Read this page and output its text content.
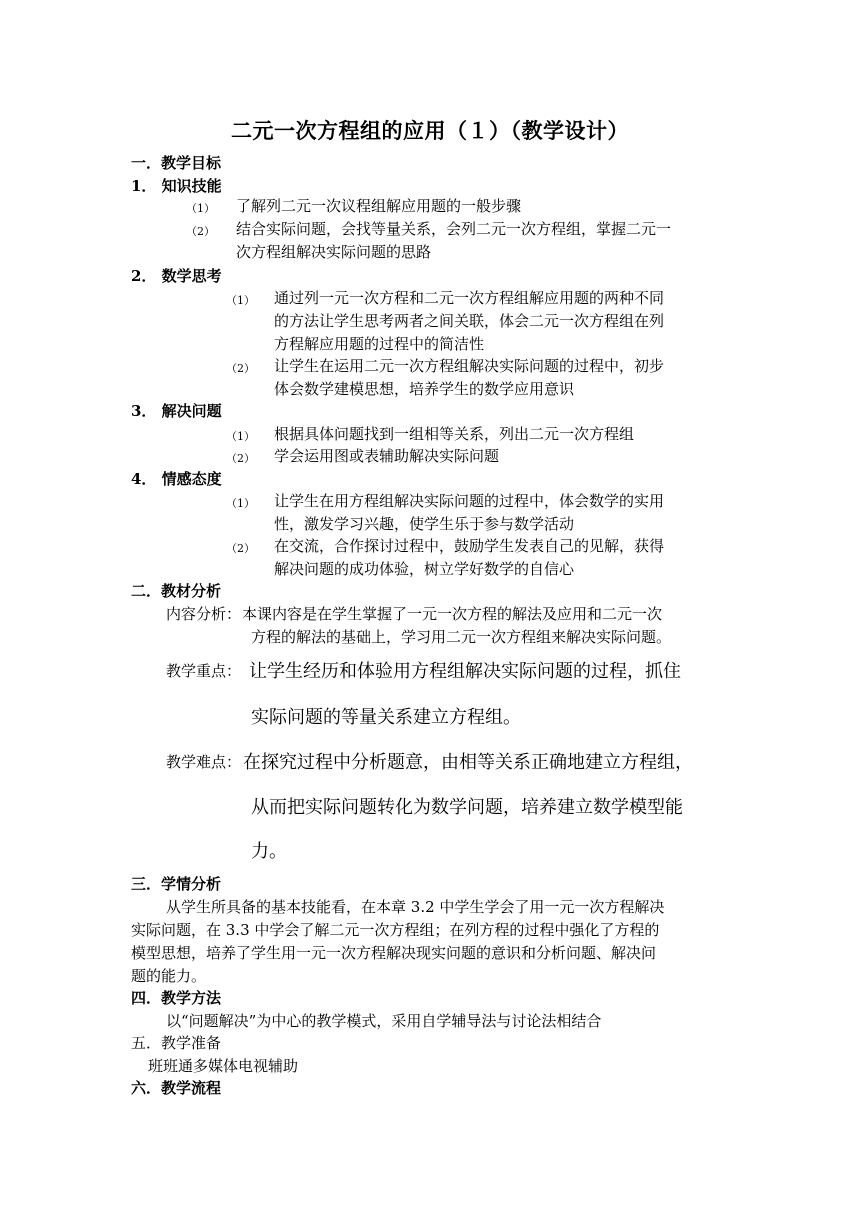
二元一次方程组的应用（１）（教学设计）
一．教学目标
1． 知识技能
（1） 了解列二元一次议程组解应用题的一般步骤
（2） 结合实际问题，会找等量关系，会列二元一次方程组，掌握二元一
次方程组解决实际问题的思路
2． 数学思考
（1） 通过列一元一次方程和二元一次方程组解应用题的两种不同
的方法让学生思考两者之间关联，体会二元一次方程组在列
方程解应用题的过程中的简洁性
（2） 让学生在运用二元一次方程组解决实际问题的过程中，初步
体会数学建模思想，培养学生的数学应用意识
3． 解决问题
（1） 根据具体问题找到一组相等关系，列出二元一次方程组
（2） 学会运用图或表辅助解决实际问题
4． 情感态度
（1） 让学生在用方程组解决实际问题的过程中，体会数学的实用
性，激发学习兴趣，使学生乐于参与数学活动
（2） 在交流，合作探讨过程中，鼓励学生发表自己的见解，获得
解决问题的成功体验，树立学好数学的自信心
二．教材分析
内容分析： 本课内容是在学生掌握了一元一次方程的解法及应用和二元一次
方程的解法的基础上，学习用二元一次方程组来解决实际问题。
教学重点： 让学生经历和体验用方程组解决实际问题的过程，抓住
实际问题的等量关系建立方程组。
教学难点： 在探究过程中分析题意，由相等关系正确地建立方程组，
从而把实际问题转化为数学问题，培养建立数学模型能
力。
三．学情分析
从学生所具备的基本技能看，在本章 3.2 中学生学会了用一元一次方程解决
实际问题，在 3.3 中学会了解二元一次方程组；在列方程的过程中强化了方程的
模型思想，培养了学生用一元一次方程解决现实问题的意识和分析问题、解决问
题的能力。
四．教学方法
以“问题解决”为中心的教学模式，采用自学辅导法与讨论法相结合
五．教学准备
班班通多媒体电视辅助
六．教学流程
